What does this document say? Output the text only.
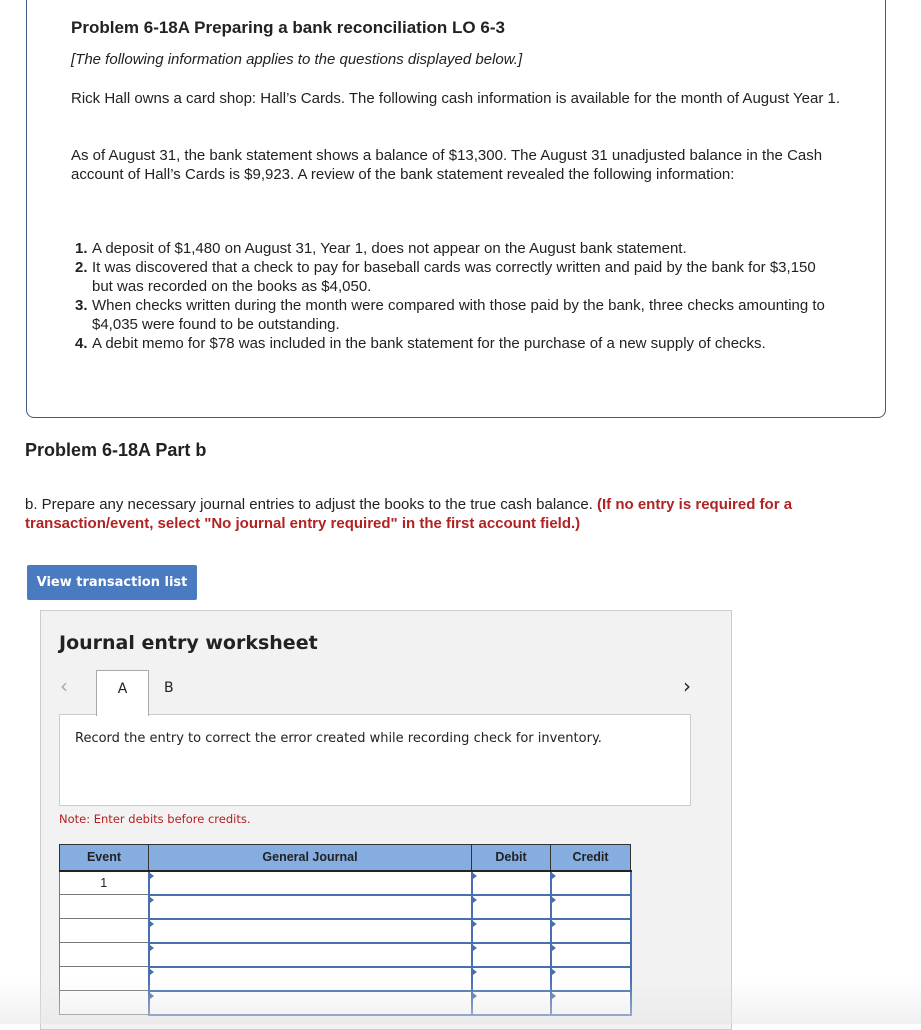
Problem 6-18A Preparing a bank reconciliation LO 6-3
[The following information applies to the questions displayed below.]
Rick Hall owns a card shop: Hall’s Cards. The following cash information is available for the month of August Year 1.
As of August 31, the bank statement shows a balance of $13,300. The August 31 unadjusted balance in the Cash account of Hall’s Cards is $9,923. A review of the bank statement revealed the following information:
1. A deposit of $1,480 on August 31, Year 1, does not appear on the August bank statement.
2. It was discovered that a check to pay for baseball cards was correctly written and paid by the bank for $3,150 but was recorded on the books as $4,050.
3. When checks written during the month were compared with those paid by the bank, three checks amounting to $4,035 were found to be outstanding.
4. A debit memo for $78 was included in the bank statement for the purchase of a new supply of checks.
Problem 6-18A Part b
b. Prepare any necessary journal entries to adjust the books to the true cash balance. (If no entry is required for a transaction/event, select "No journal entry required" in the first account field.)
View transaction list
Journal entry worksheet
‹	A	B	›
Record the entry to correct the error created while recording check for inventory.
Note: Enter debits before credits.
Event	General Journal	Debit	Credit
1			
